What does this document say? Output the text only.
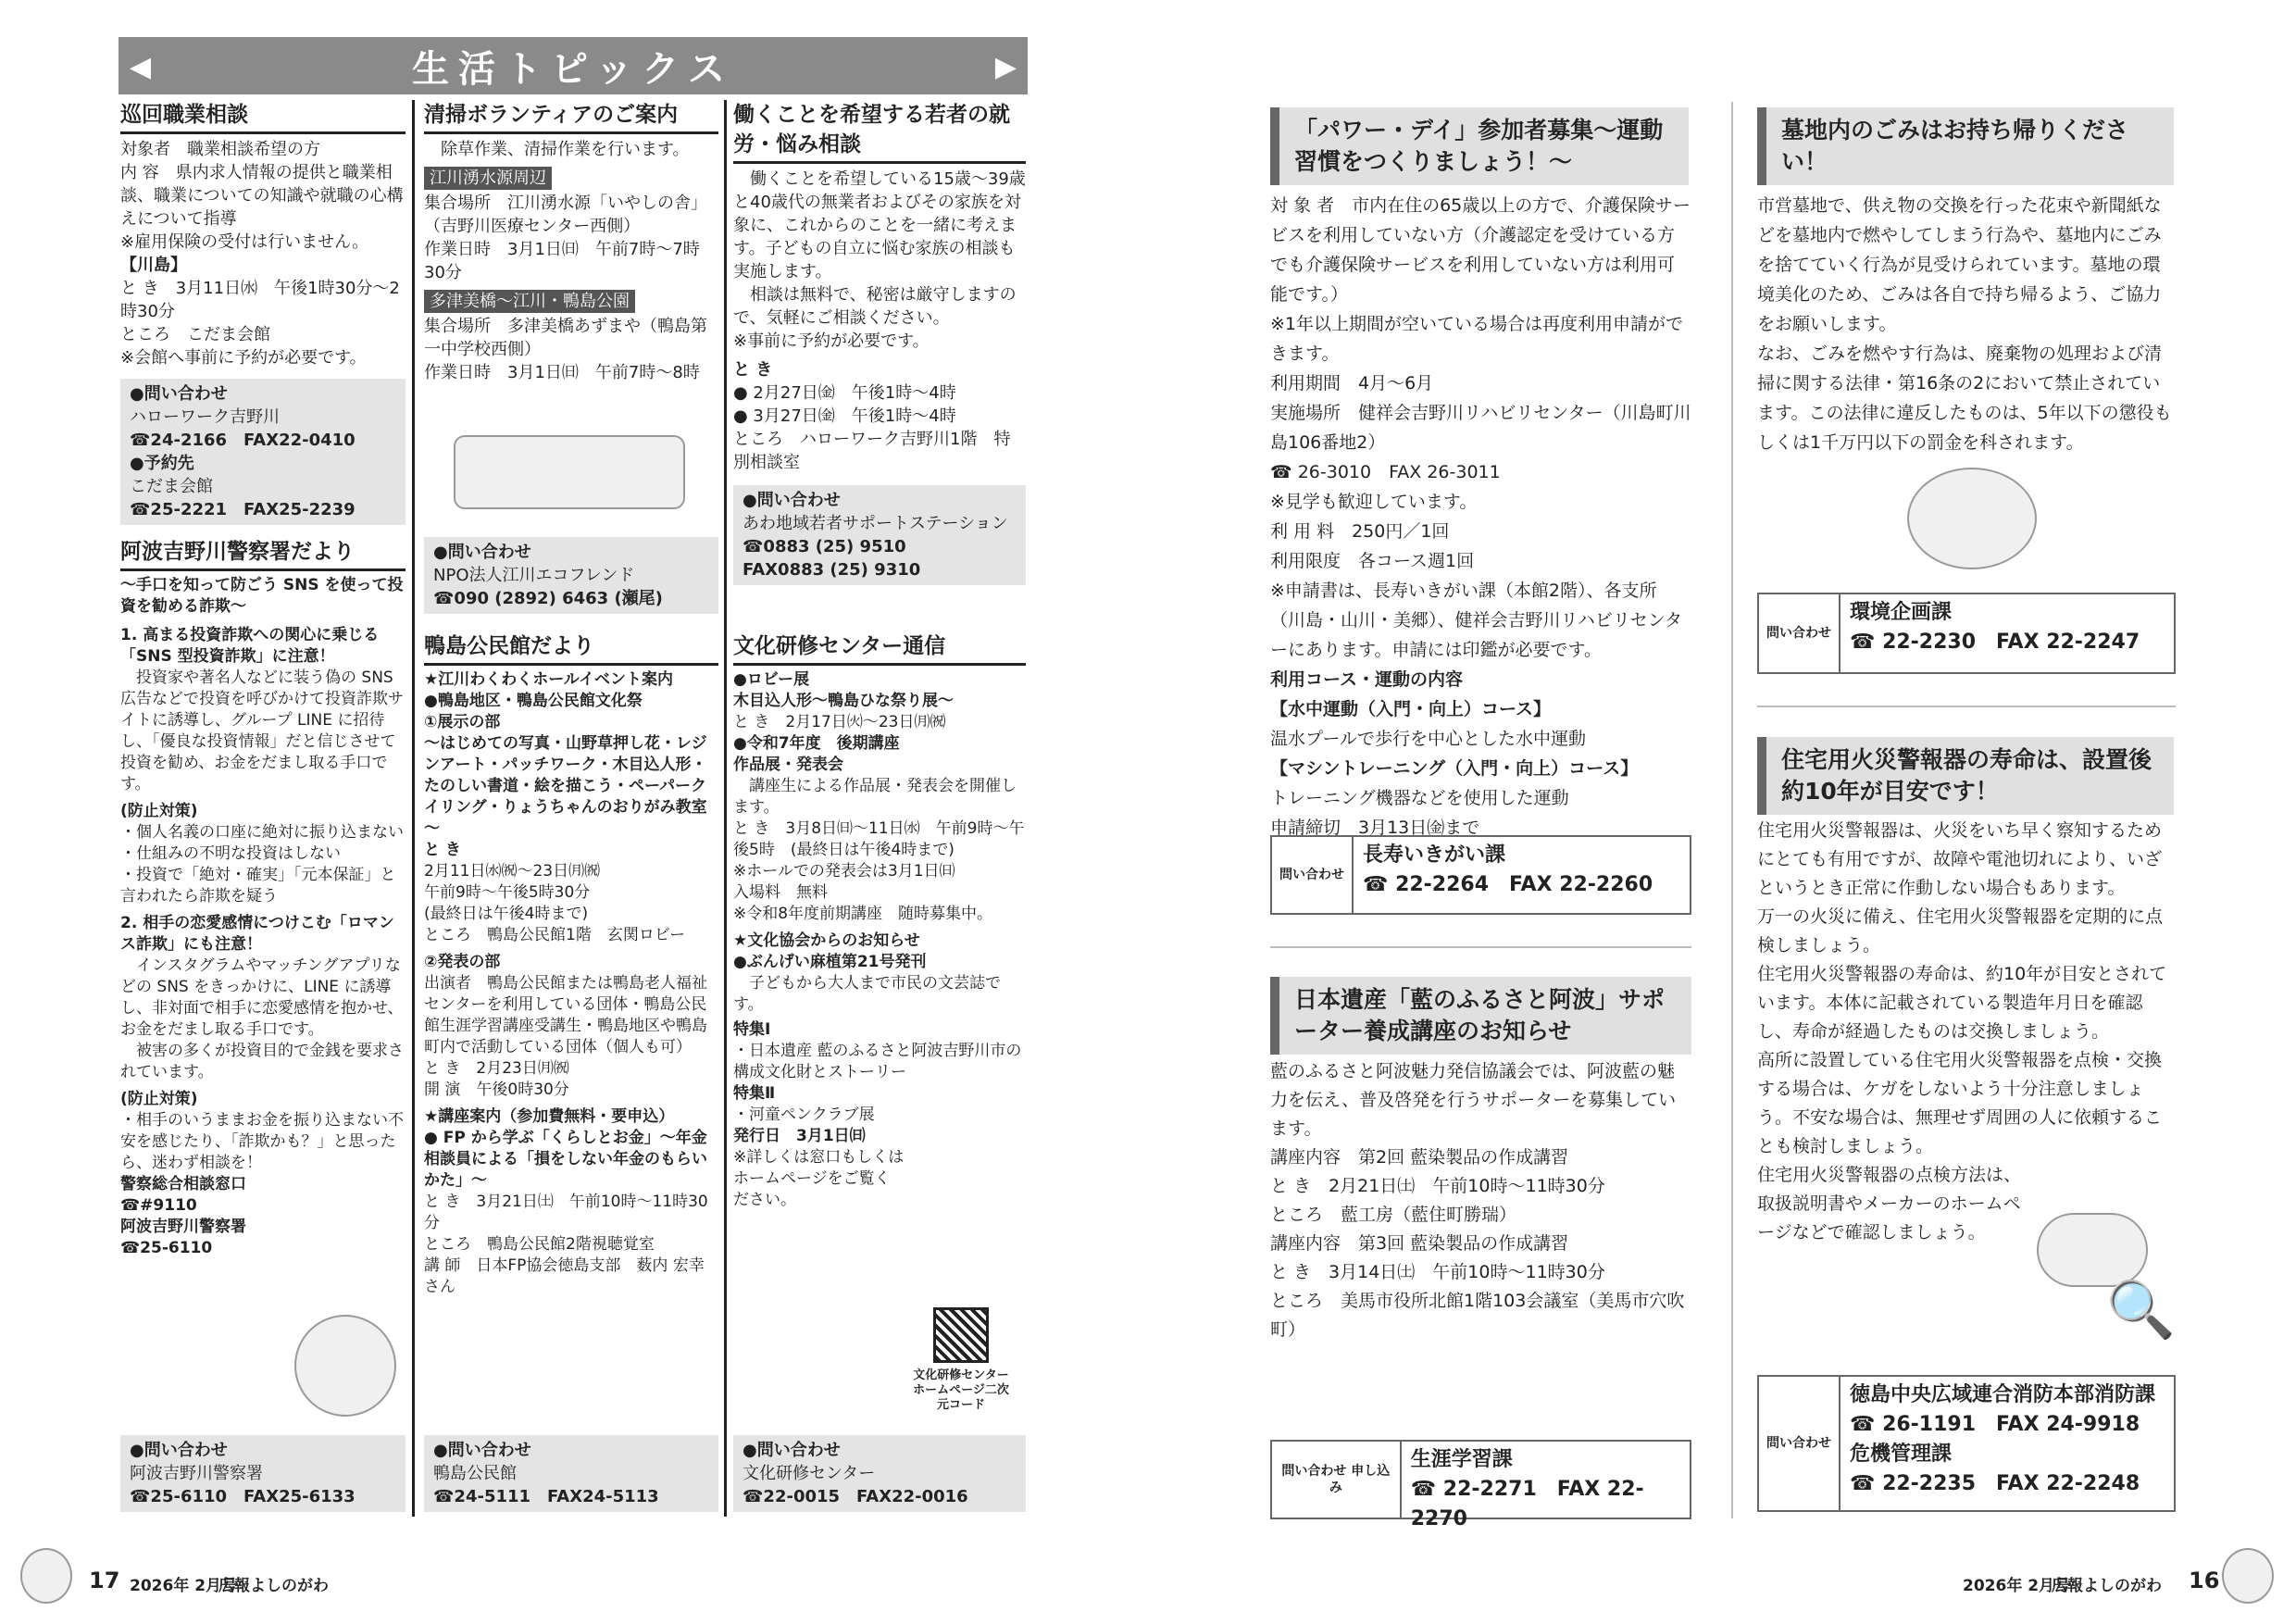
◀	生活トピックス	▶
巡回職業相談
対象者　職業相談希望の方
内 容　県内求人情報の提供と職業相談、職業についての知識や就職の心構えについて指導
※雇用保険の受付は行いません。
【川島】
と き　3月11日㈬　午後1時30分～2時30分
ところ　こだま会館
※会館へ事前に予約が必要です。
●問い合わせ
ハローワーク吉野川
☎24-2166　FAX22-0410
●予約先
こだま会館
☎25-2221　FAX25-2239
阿波吉野川警察署だより
～手口を知って防ごう SNS を使って投資を勧める詐欺～
1. 高まる投資詐欺への関心に乗じる「SNS 型投資詐欺」に注意！
投資家や著名人などに装う偽の SNS 広告などで投資を呼びかけて投資詐欺サイトに誘導し、グループ LINE に招待し、「優良な投資情報」だと信じさせて投資を勧め、お金をだまし取る手口です。
(防止対策)
・個人名義の口座に絶対に振り込まない
・仕組みの不明な投資はしない
・投資で「絶対・確実」「元本保証」と言われたら詐欺を疑う
2. 相手の恋愛感情につけこむ「ロマンス詐欺」にも注意！
インスタグラムやマッチングアプリなどの SNS をきっかけに、LINE に誘導し、非対面で相手に恋愛感情を抱かせ、お金をだまし取る手口です。
被害の多くが投資目的で金銭を要求されています。
(防止対策)
・相手のいうままお金を振り込まない不安を感じたり、「詐欺かも？」と思ったら、迷わず相談を！
警察総合相談窓口
☎#9110
阿波吉野川警察署
☎25-6110
●問い合わせ
阿波吉野川警察署
☎25-6110　FAX25-6133
清掃ボランティアのご案内
除草作業、清掃作業を行います。
江川湧水源周辺
集合場所　江川湧水源「いやしの舎」（吉野川医療センター西側）
作業日時　3月1日㈰　午前7時～7時30分
多津美橋～江川・鴨島公園
集合場所　多津美橋あずまや（鴨島第一中学校西側）
作業日時　3月1日㈰　午前7時～8時
●問い合わせ
NPO法人江川エコフレンド
☎090 (2892) 6463 (瀬尾)
鴨島公民館だより
★江川わくわくホールイベント案内
●鴨島地区・鴨島公民館文化祭
①展示の部
～はじめての写真・山野草押し花・レジンアート・パッチワーク・木目込人形・たのしい書道・絵を描こう・ペーパークイリング・りょうちゃんのおりがみ教室～
と き
2月11日㈬㈷～23日㈪㈷
午前9時～午後5時30分
(最終日は午後4時まで)
ところ　鴨島公民館1階　玄関ロビー
②発表の部
出演者　鴨島公民館または鴨島老人福祉センターを利用している団体・鴨島公民館生涯学習講座受講生・鴨島地区や鴨島町内で活動している団体（個人も可）
と き　2月23日㈪㈷
開 演　午後0時30分
★講座案内（参加費無料・要申込）
● FP から学ぶ「くらしとお金」～年金相談員による「損をしない年金のもらいかた」～
と き　3月21日㈯　午前10時～11時30分
ところ　鴨島公民館2階視聴覚室
講 師　日本FP協会徳島支部　薮内 宏幸さん
●問い合わせ
鴨島公民館
☎24-5111　FAX24-5113
働くことを希望する若者の就労・悩み相談
働くことを希望している15歳～39歳と40歳代の無業者およびその家族を対象に、これからのことを一緒に考えます。子どもの自立に悩む家族の相談も実施します。
相談は無料で、秘密は厳守しますので、気軽にご相談ください。
※事前に予約が必要です。
と き
● 2月27日㈮　午後1時～4時
● 3月27日㈮　午後1時～4時
ところ　ハローワーク吉野川1階　特別相談室
●問い合わせ
あわ地域若者サポートステーション
☎0883 (25) 9510
FAX0883 (25) 9310
文化研修センター通信
●ロビー展
木目込人形～鴨島ひな祭り展～
と き　2月17日㈫～23日㈪㈷
●令和7年度　後期講座
作品展・発表会
講座生による作品展・発表会を開催します。
と き　3月8日㈰～11日㈬　午前9時～午後5時　(最終日は午後4時まで)
※ホールでの発表会は3月1日㈰
入場料　無料
※令和8年度前期講座　随時募集中。
★文化協会からのお知らせ
●ぶんげい麻植第21号発刊
子どもから大人まで市民の文芸誌です。
特集Ⅰ
・日本遺産 藍のふるさと阿波吉野川市の構成文化財とストーリー
特集Ⅱ
・河童ペンクラブ展
発行日　3月1日㈰
※詳しくは窓口もしくはホームページをご覧ください。
文化研修センターホームページ二次元コード
●問い合わせ
文化研修センター
☎22-0015　FAX22-0016
「パワー・デイ」参加者募集～運動習慣をつくりましょう！～
対 象 者　市内在住の65歳以上の方で、介護保険サービスを利用していない方（介護認定を受けている方でも介護保険サービスを利用していない方は利用可能です。）
※1年以上期間が空いている場合は再度利用申請ができます。
利用期間　4月～6月
実施場所　健祥会吉野川リハビリセンター（川島町川島106番地2）
☎ 26-3010　FAX 26-3011
※見学も歓迎しています。
利 用 料　250円／1回
利用限度　各コース週1回
※申請書は、長寿いきがい課（本館2階）、各支所（川島・山川・美郷）、健祥会吉野川リハビリセンターにあります。申請には印鑑が必要です。
利用コース・運動の内容
【水中運動（入門・向上）コース】
温水プールで歩行を中心とした水中運動
【マシントレーニング（入門・向上）コース】
トレーニング機器などを使用した運動
申請締切　3月13日㈮まで
問い合わせ
長寿いきがい課
☎ 22-2264　FAX 22-2260
日本遺産「藍のふるさと阿波」サポーター養成講座のお知らせ
藍のふるさと阿波魅力発信協議会では、阿波藍の魅力を伝え、普及啓発を行うサポーターを募集しています。
講座内容　第2回 藍染製品の作成講習
と き　2月21日㈯　午前10時～11時30分
ところ　藍工房（藍住町勝瑞）
講座内容　第3回 藍染製品の作成講習
と き　3月14日㈯　午前10時～11時30分
ところ　美馬市役所北館1階103会議室（美馬市穴吹町）
問い合わせ 申し込み
生涯学習課
☎ 22-2271　FAX 22-2270
墓地内のごみはお持ち帰りください！
市営墓地で、供え物の交換を行った花束や新聞紙などを墓地内で燃やしてしまう行為や、墓地内にごみを捨てていく行為が見受けられています。墓地の環境美化のため、ごみは各自で持ち帰るよう、ご協力をお願いします。
なお、ごみを燃やす行為は、廃棄物の処理および清掃に関する法律・第16条の2において禁止されています。この法律に違反したものは、5年以下の懲役もしくは1千万円以下の罰金を科されます。
問い合わせ
環境企画課
☎ 22-2230　FAX 22-2247
住宅用火災警報器の寿命は、設置後約10年が目安です！
住宅用火災警報器は、火災をいち早く察知するためにとても有用ですが、故障や電池切れにより、いざというとき正常に作動しない場合もあります。
万一の火災に備え、住宅用火災警報器を定期的に点検しましょう。
住宅用火災警報器の寿命は、約10年が目安とされています。本体に記載されている製造年月日を確認し、寿命が経過したものは交換しましょう。
高所に設置している住宅用火災警報器を点検・交換する場合は、ケガをしないよう十分注意しましょう。不安な場合は、無理せず周囲の人に依頼することも検討しましょう。
住宅用火災警報器の点検方法は、取扱説明書やメーカーのホームページなどで確認しましょう。
🔍
問い合わせ
徳島中央広域連合消防本部消防課
☎ 26-1191　FAX 24-9918
危機管理課
☎ 22-2235　FAX 22-2248
17 2026年 2月号
広報よしのがわ	2026年 2月号
広報よしのがわ 16
